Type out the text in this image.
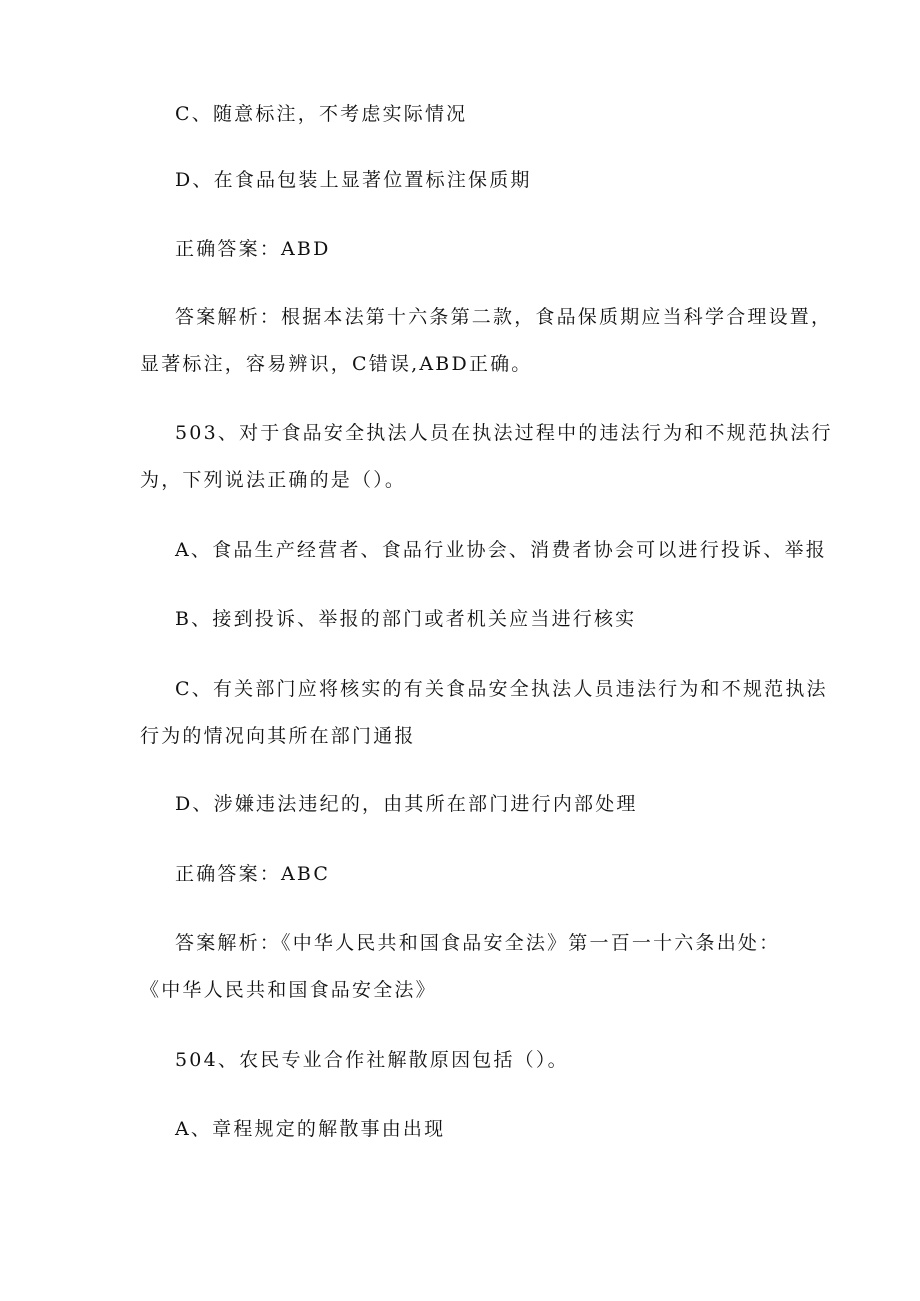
C、随意标注，不考虑实际情况
D、在食品包装上显著位置标注保质期
正确答案：ABD
答案解析：根据本法第十六条第二款，食品保质期应当科学合理设置，
显著标注，容易辨识，C错误,ABD正确。
503、对于食品安全执法人员在执法过程中的违法行为和不规范执法行
为，下列说法正确的是（）。
A、食品生产经营者、食品行业协会、消费者协会可以进行投诉、举报
B、接到投诉、举报的部门或者机关应当进行核实
C、有关部门应将核实的有关食品安全执法人员违法行为和不规范执法
行为的情况向其所在部门通报
D、涉嫌违法违纪的，由其所在部门进行内部处理
正确答案：ABC
答案解析：《中华人民共和国食品安全法》第一百一十六条出处：
《中华人民共和国食品安全法》
504、农民专业合作社解散原因包括（）。
A、章程规定的解散事由出现
